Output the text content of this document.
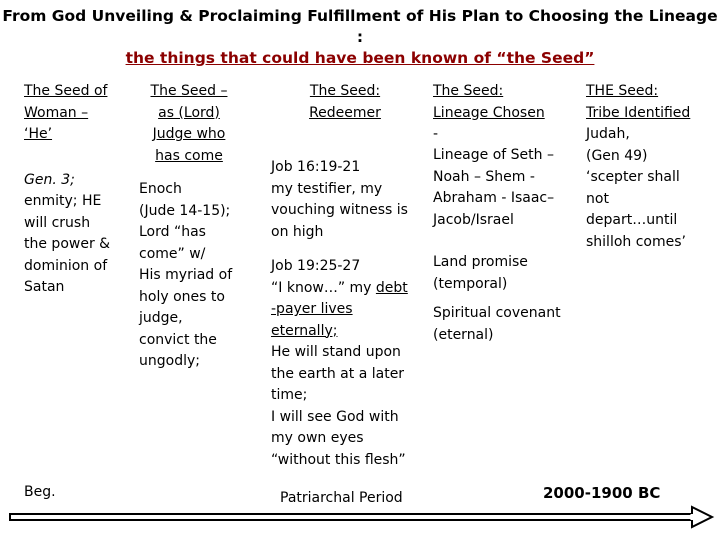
From God Unveiling & Proclaiming Fulfillment of His Plan to Choosing the Lineage :
the things that could have been known of “the Seed”
The Seed of
Woman –
‘He’
Gen. 3;
enmity; HE
will crush
the power &
dominion of
Satan
The Seed –
as (Lord)
Judge who
has come
Enoch
(Jude 14-15);
Lord “has
come” w/
His myriad of
holy ones to
judge,
convict the
ungodly;
The Seed:
Redeemer
Job 16:19-21
my testifier, my
vouching witness is
on high
Job 19:25-27
“I know…” my debt
-payer lives
eternally;
He will stand upon
the earth at a later
time;
I will see God with
my own eyes
“without this flesh”
The Seed:
Lineage Chosen
-
Lineage of Seth –
Noah – Shem -
Abraham - Isaac–
Jacob/Israel
Land promise
(temporal)
Spiritual covenant
(eternal)
THE Seed:
Tribe Identified
Judah,
(Gen 49)
‘scepter shall
not
depart…until
shilloh comes’
Beg.	Patriarchal Period	2000-1900 BC
